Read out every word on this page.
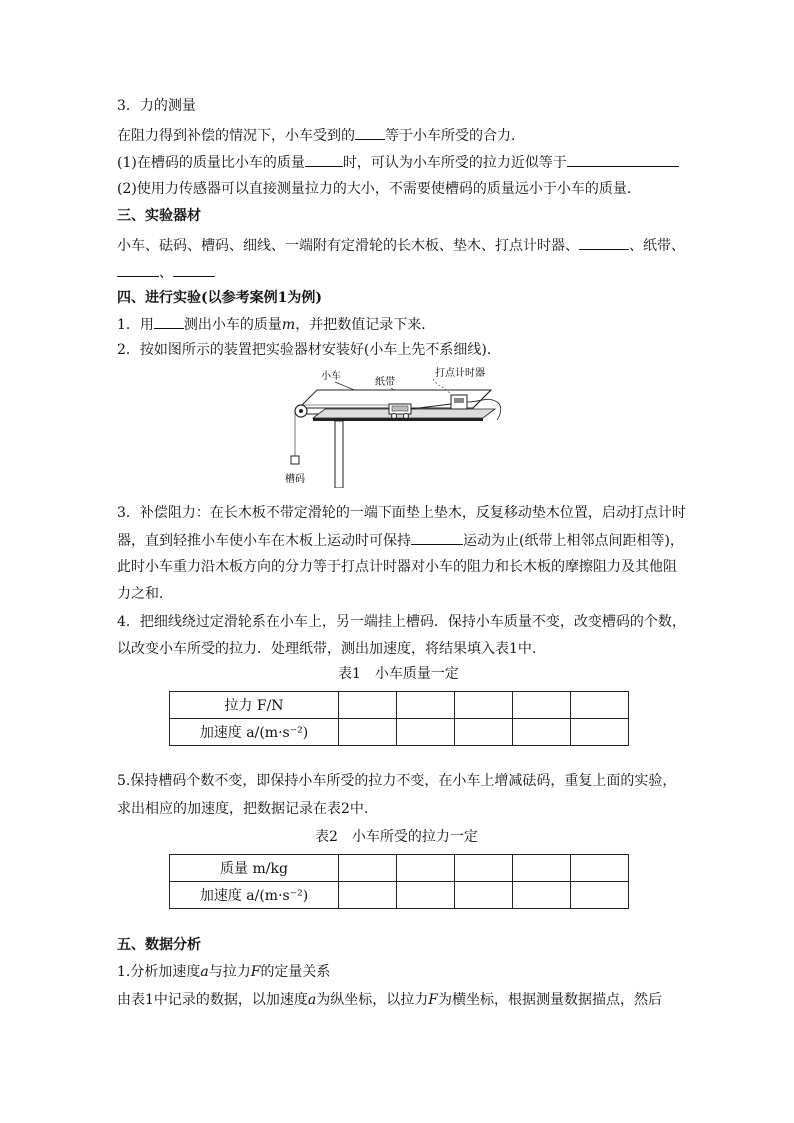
3．力的测量
在阻力得到补偿的情况下，小车受到的 等于小车所受的合力．
(1)在槽码的质量比小车的质量	时，可认为小车所受的拉力近似等于
(2)使用力传感器可以直接测量拉力的大小，不需要使槽码的质量远小于小车的质量．
三、实验器材
小车、砝码、槽码、细线、一端附有定滑轮的长木板、垫木、打点计时器、	、纸带、
、
四、进行实验(以参考案例1为例)
1．用 测出小车的质量m，并把数值记录下来．
2．按如图所示的装置把实验器材安装好(小车上先不系细线)．
小车
纸带
打点计时器
槽码
3．补偿阻力：在长木板不带定滑轮的一端下面垫上垫木，反复移动垫木位置，启动打点计时
器，直到轻推小车使小车在木板上运动时可保持	运动为止(纸带上相邻点间距相等)，
此时小车重力沿木板方向的分力等于打点计时器对小车的阻力和长木板的摩擦阻力及其他阻
力之和．
4．把细线绕过定滑轮系在小车上，另一端挂上槽码．保持小车质量不变，改变槽码的个数，
以改变小车所受的拉力．处理纸带，测出加速度，将结果填入表1中．
表1　小车质量一定
拉力 F/N					
加速度 a/(m·s⁻²)					
5.保持槽码个数不变，即保持小车所受的拉力不变，在小车上增减砝码，重复上面的实验，
求出相应的加速度，把数据记录在表2中．
表2　小车所受的拉力一定
质量 m/kg					
加速度 a/(m·s⁻²)					
五、数据分析
1.分析加速度a与拉力F的定量关系
由表1中记录的数据，以加速度a为纵坐标，以拉力F为横坐标，根据测量数据描点，然后
